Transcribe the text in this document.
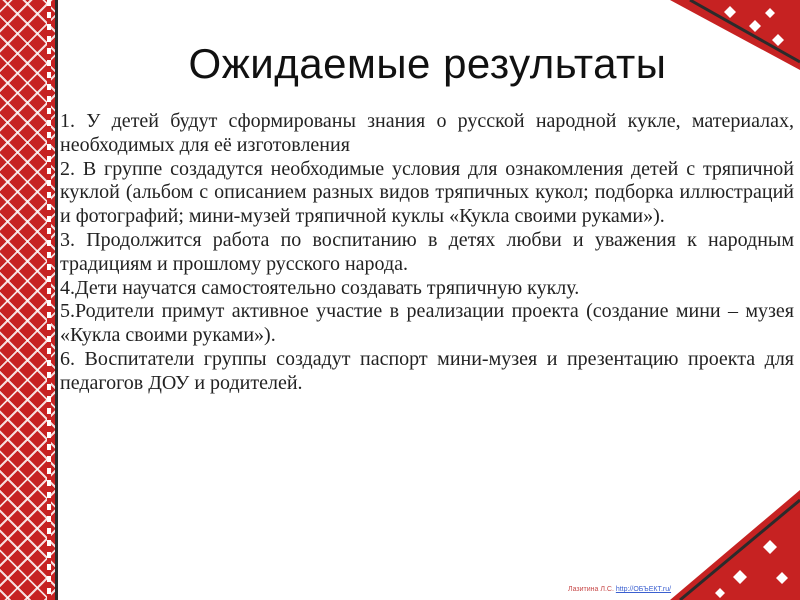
Ожидаемые результаты

1. У детей будут сформированы знания о русской народной кукле, материалах, необходимых для её изготовления

2. В группе создадутся необходимые условия для ознакомления детей с тряпичной куклой (альбом с описанием разных видов тряпичных кукол; подборка иллюстраций и фотографий; мини-музей тряпичной куклы «Кукла своими руками»).

3. Продолжится работа по воспитанию в детях любви и уважения к народным традициям и прошлому русского народа.

4.Дети научатся самостоятельно создавать тряпичную куклу.

5.Родители примут активное участие в реализации проекта (создание мини – музея «Кукла своими руками»).

6. Воспитатели группы создадут паспорт мини-музея и презентацию проекта для педагогов ДОУ и родителей.

Лазитина Л.С. http://ОБЪЕКТ.ru/
